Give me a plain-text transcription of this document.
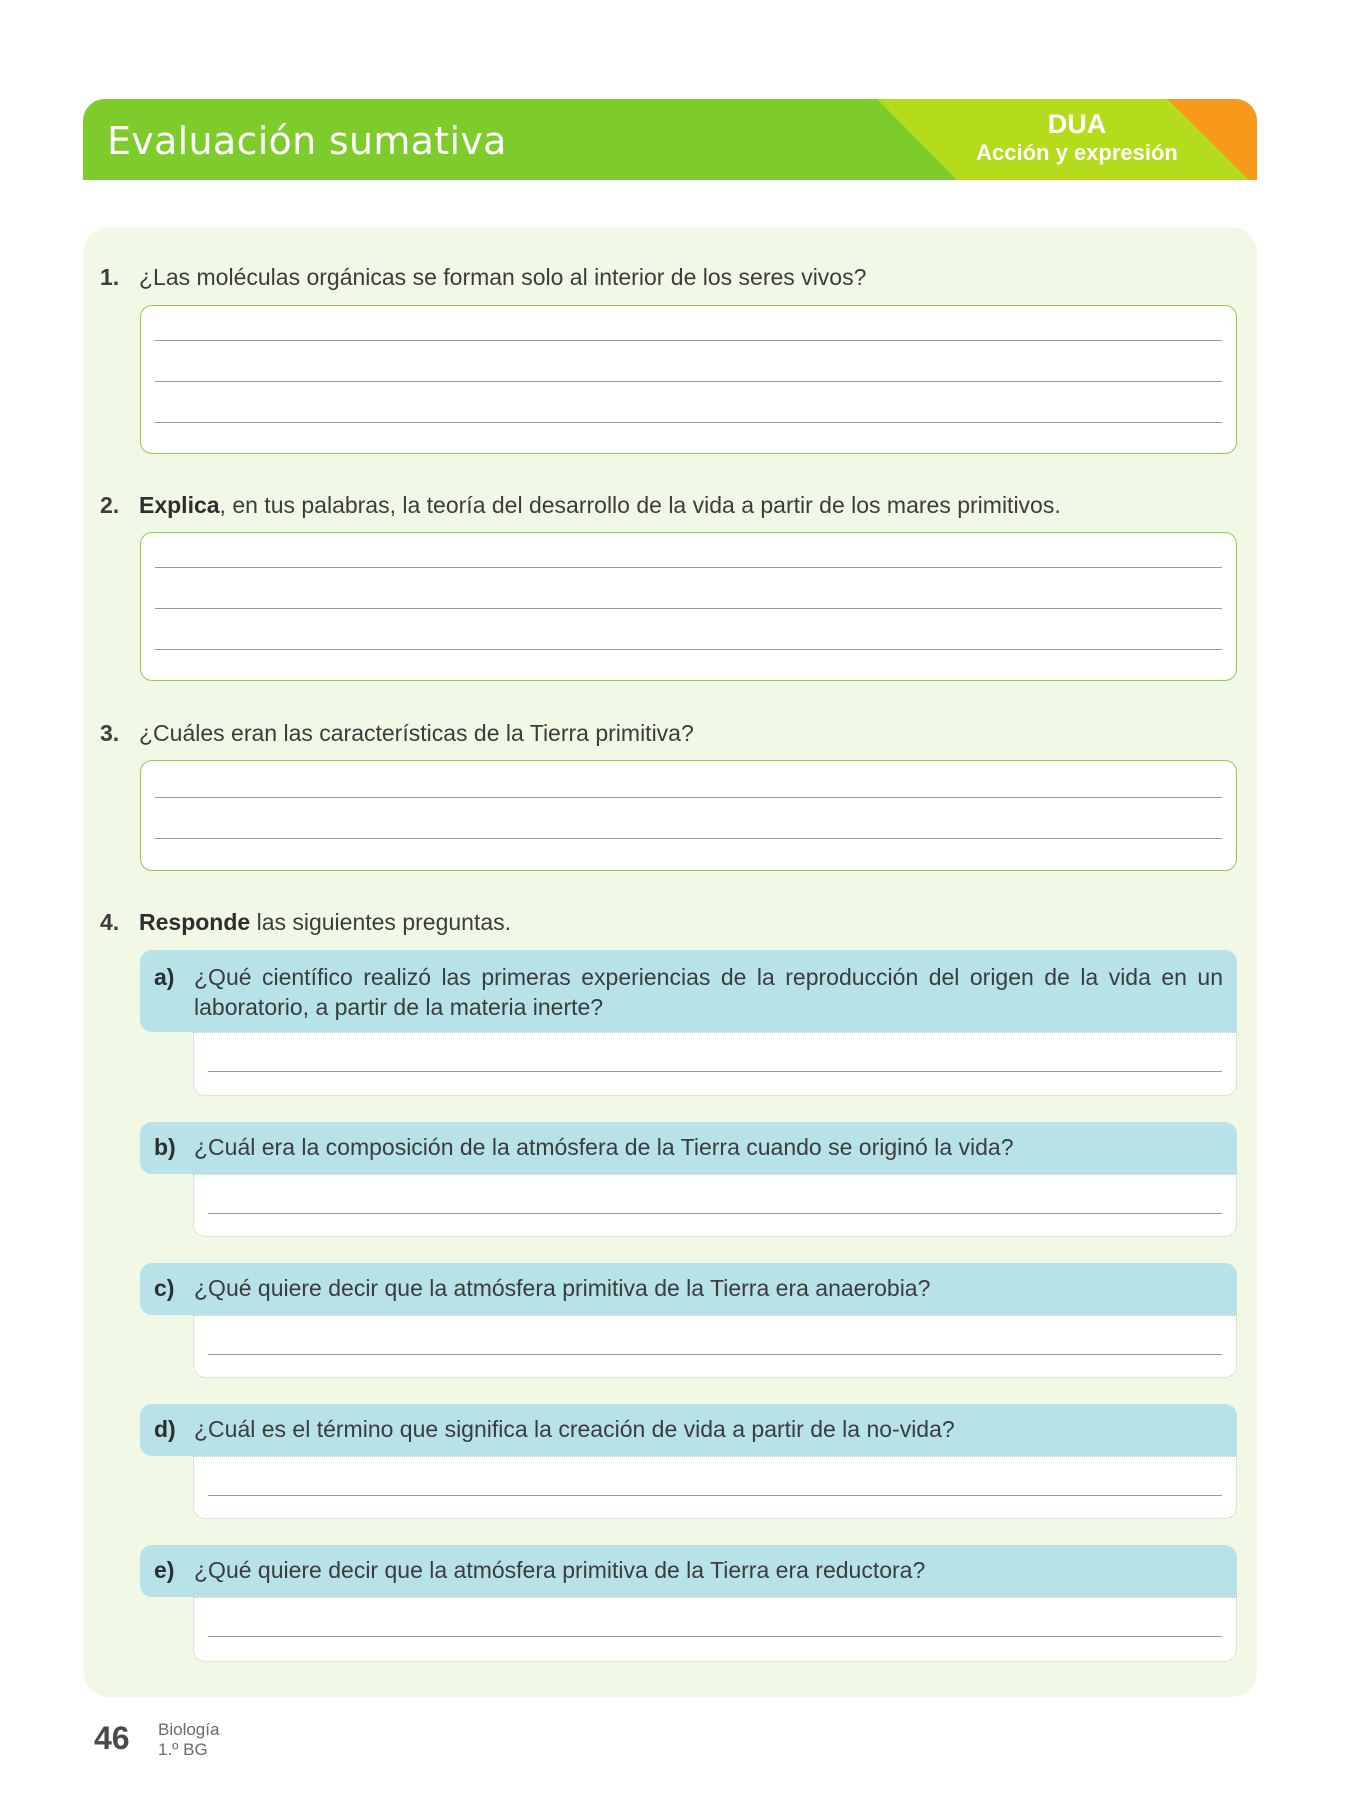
Evaluación sumativa	DUA
Acción y expresión
1. ¿Las moléculas orgánicas se forman solo al interior de los seres vivos?
2. Explica, en tus palabras, la teoría del desarrollo de la vida a partir de los mares primitivos.
3. ¿Cuáles eran las características de la Tierra primitiva?
4. Responde las siguientes preguntas.
a) ¿Qué científico realizó las primeras experiencias de la reproducción del origen de la vida en un laboratorio, a partir de la materia inerte?
b) ¿Cuál era la composición de la atmósfera de la Tierra cuando se originó la vida?
c) ¿Qué quiere decir que la atmósfera primitiva de la Tierra era anaerobia?
d) ¿Cuál es el término que significa la creación de vida a partir de la no-vida?
e) ¿Qué quiere decir que la atmósfera primitiva de la Tierra era reductora?
46 Biología
1.º BG
